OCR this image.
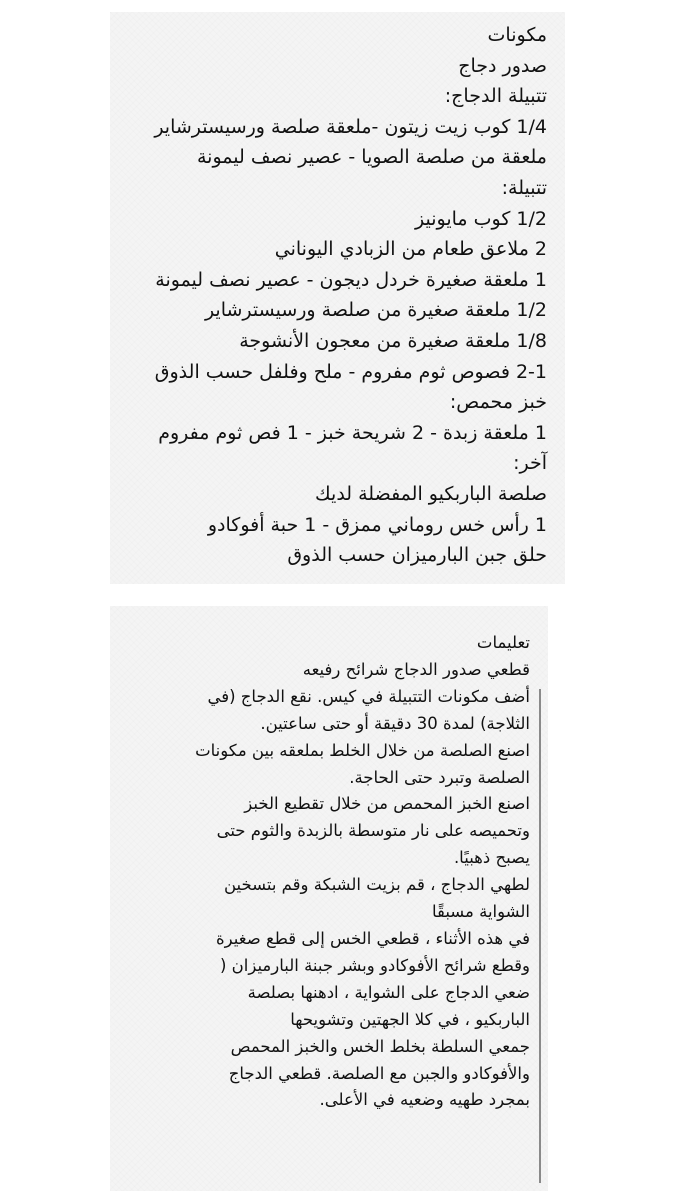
مكونات
صدور دجاج
تتبيلة الدجاج:
1/4 كوب زيت زيتون -ملعقة صلصة ورسيسترشاير
ملعقة من صلصة الصويا - عصير نصف ليمونة
تتبيلة:
1/2 كوب مايونيز
2 ملاعق طعام من الزبادي اليوناني
1 ملعقة صغيرة خردل ديجون - عصير نصف ليمونة
1/2 ملعقة صغيرة من صلصة ورسيسترشاير
1/8 ملعقة صغيرة من معجون الأنشوجة
2-1 فصوص ثوم مفروم - ملح وفلفل حسب الذوق
خبز محمص:
1 ملعقة زبدة - 2 شريحة خبز - 1 فص ثوم مفروم
آخر:
صلصة الباربكيو المفضلة لديك
1 رأس خس روماني ممزق - 1 حبة أفوكادو
حلق جبن البارميزان حسب الذوق
تعليمات
قطعي صدور الدجاج شرائح رفيعه
أضف مكونات التتبيلة في كيس. نقع الدجاج (في
الثلاجة) لمدة 30 دقيقة أو حتى ساعتين.
اصنع الصلصة من خلال الخلط بملعقه بين مكونات
الصلصة وتبرد حتى الحاجة.
اصنع الخبز المحمص من خلال تقطيع الخبز
وتحميصه على نار متوسطة بالزبدة والثوم حتى
يصبح ذهبيًا.
لطهي الدجاج ، قم بزيت الشبكة وقم بتسخين
الشواية مسبقًا
في هذه الأثناء ، قطعي الخس إلى قطع صغيرة
وقطع شرائح الأفوكادو وبشر جبنة البارميزان (
ضعي الدجاج على الشواية ، ادهنها بصلصة
الباربكيو ، في كلا الجهتين وتشويحها
جمعي السلطة بخلط الخس والخبز المحمص
والأفوكادو والجبن مع الصلصة. قطعي الدجاج
بمجرد طهيه وضعيه في الأعلى.
